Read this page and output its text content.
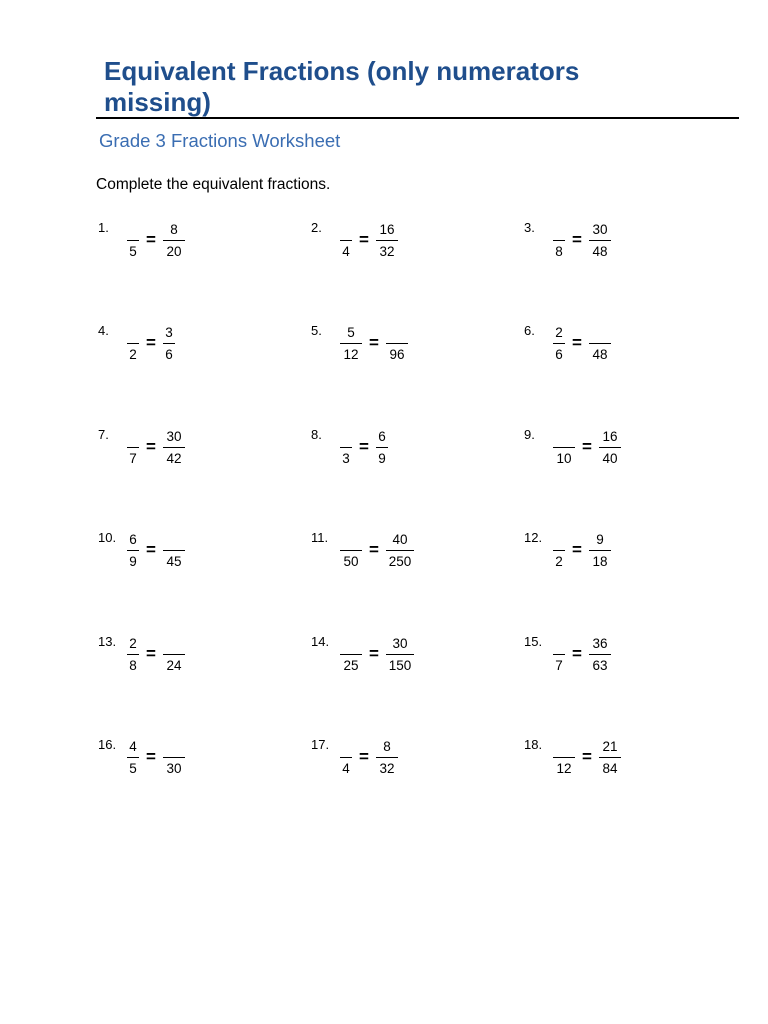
Equivalent Fractions (only numerators missing)
Grade 3 Fractions Worksheet
Complete the equivalent fractions.
1.
5
=
8
20
2.
4
=
16
32
3.
8
=
30
48
4.
2
=
3
6
5.	5
12
=
96
6. 2
6
=
48
7.
7
=
30
42
8.
3
=
6
9
9.
10
=
16
40
10. 6
9
=
45
11.
50
=
40
250
12.
2
=
9
18
13. 2
8
=
24
14.
25
=
30
150
15.
7
=
36
63
16. 4
5
=
30
17.
4
=
8
32
18.
12
=
21
84
